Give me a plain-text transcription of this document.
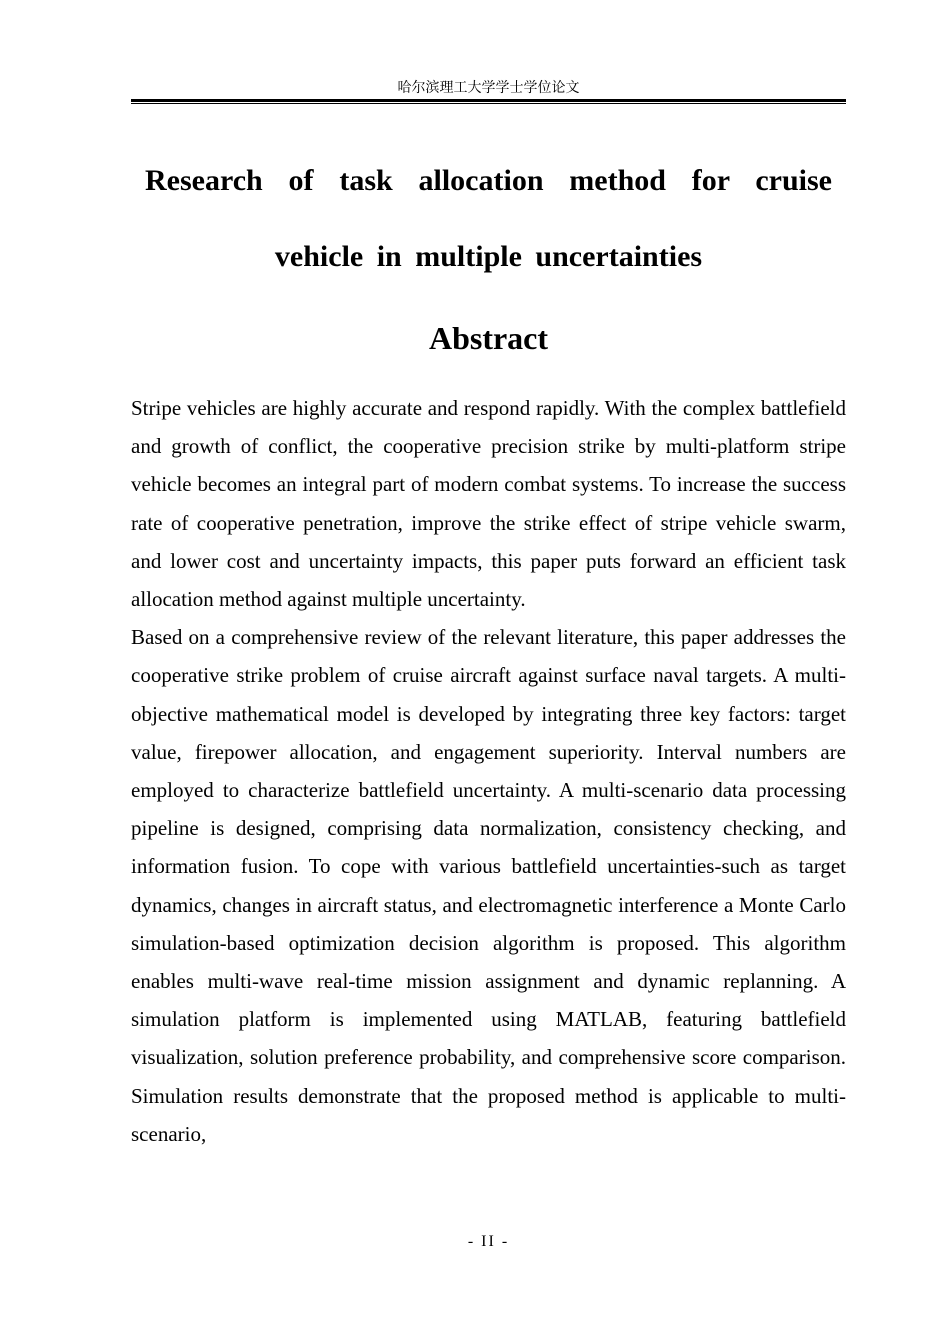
哈尔滨理工大学学士学位论文
Research of task allocation method for cruise
vehicle in multiple uncertainties
Abstract

Stripe vehicles are highly accurate and respond rapidly. With the complex battlefield and growth of conflict, the cooperative precision strike by multi-platform stripe vehicle becomes an integral part of modern combat systems. To increase the success rate of cooperative penetration, improve the strike effect of stripe vehicle swarm, and lower cost and uncertainty impacts, this paper puts forward an efficient task allocation method against multiple uncertainty.

Based on a comprehensive review of the relevant literature, this paper addresses the cooperative strike problem of cruise aircraft against surface naval targets. A multi-objective mathematical model is developed by integrating three key factors: target value, firepower allocation, and engagement superiority. Interval numbers are employed to characterize battlefield uncertainty. A multi-scenario data processing pipeline is designed, comprising data normalization, consistency checking, and information fusion. To cope with various battlefield uncertainties-such as target dynamics, changes in aircraft status, and electromagnetic interference a Monte Carlo simulation-based optimization decision algorithm is proposed. This algorithm enables multi-wave real-time mission assignment and dynamic replanning. A simulation platform is implemented using MATLAB, featuring battlefield visualization, solution preference probability, and comprehensive score comparison. Simulation results demonstrate that the proposed method is applicable to multi-scenario,

- II -
